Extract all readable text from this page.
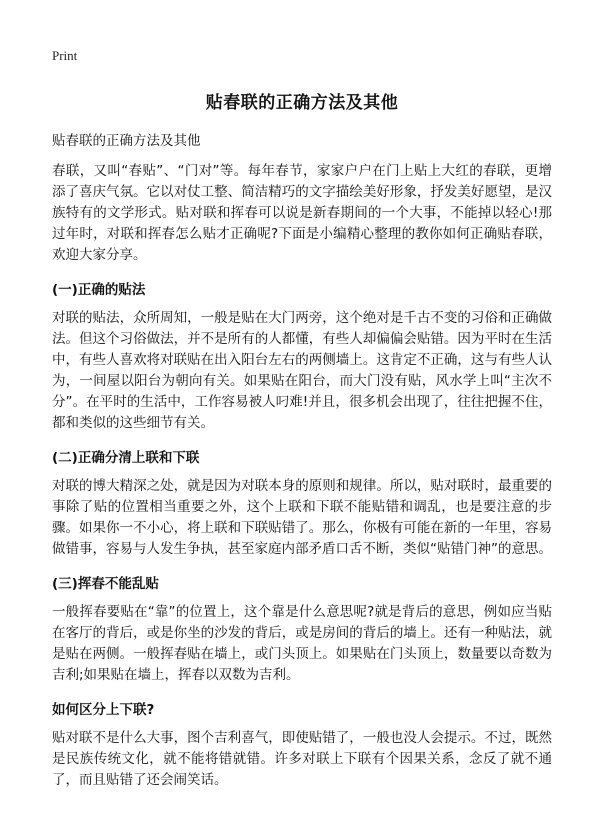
Print
贴春联的正确方法及其他
贴春联的正确方法及其他

春联，又叫“春贴”、“门对”等。每年春节，家家户户在门上贴上大红的春联，更增添了喜庆气氛。它以对仗工整、简洁精巧的文字描绘美好形象，抒发美好愿望，是汉族特有的文学形式。贴对联和挥春可以说是新春期间的一个大事，不能掉以轻心!那过年时，对联和挥春怎么贴才正确呢?下面是小编精心整理的教你如何正确贴春联，欢迎大家分享。

(一)正确的贴法

对联的贴法，众所周知，一般是贴在大门两旁，这个绝对是千古不变的习俗和正确做法。但这个习俗做法，并不是所有的人都懂，有些人却偏偏会贴错。因为平时在生活中，有些人喜欢将对联贴在出入阳台左右的两侧墙上。这肯定不正确，这与有些人认为，一间屋以阳台为朝向有关。如果贴在阳台，而大门没有贴，风水学上叫“主次不分”。在平时的生活中，工作容易被人叼难!并且，很多机会出现了，往往把握不住，都和类似的这些细节有关。

(二)正确分清上联和下联

对联的博大精深之处，就是因为对联本身的原则和规律。所以，贴对联时，最重要的事除了贴的位置相当重要之外，这个上联和下联不能贴错和调乱，也是要注意的步骤。如果你一不小心，将上联和下联贴错了。那么，你极有可能在新的一年里，容易做错事，容易与人发生争执，甚至家庭内部矛盾口舌不断，类似“贴错门神”的意思。

(三)挥春不能乱贴

一般挥春要贴在“靠”的位置上，这个靠是什么意思呢?就是背后的意思，例如应当贴在客厅的背后，或是你坐的沙发的背后，或是房间的背后的墙上。还有一种贴法，就是贴在两侧。一般挥春贴在墙上，或门头顶上。如果贴在门头顶上，数量要以奇数为吉利;如果贴在墙上，挥春以双数为吉利。

如何区分上下联?

贴对联不是什么大事，图个吉利喜气，即使贴错了，一般也没人会提示。不过，既然是民族传统文化，就不能将错就错。许多对联上下联有个因果关系，念反了就不通了，而且贴错了还会闹笑话。
